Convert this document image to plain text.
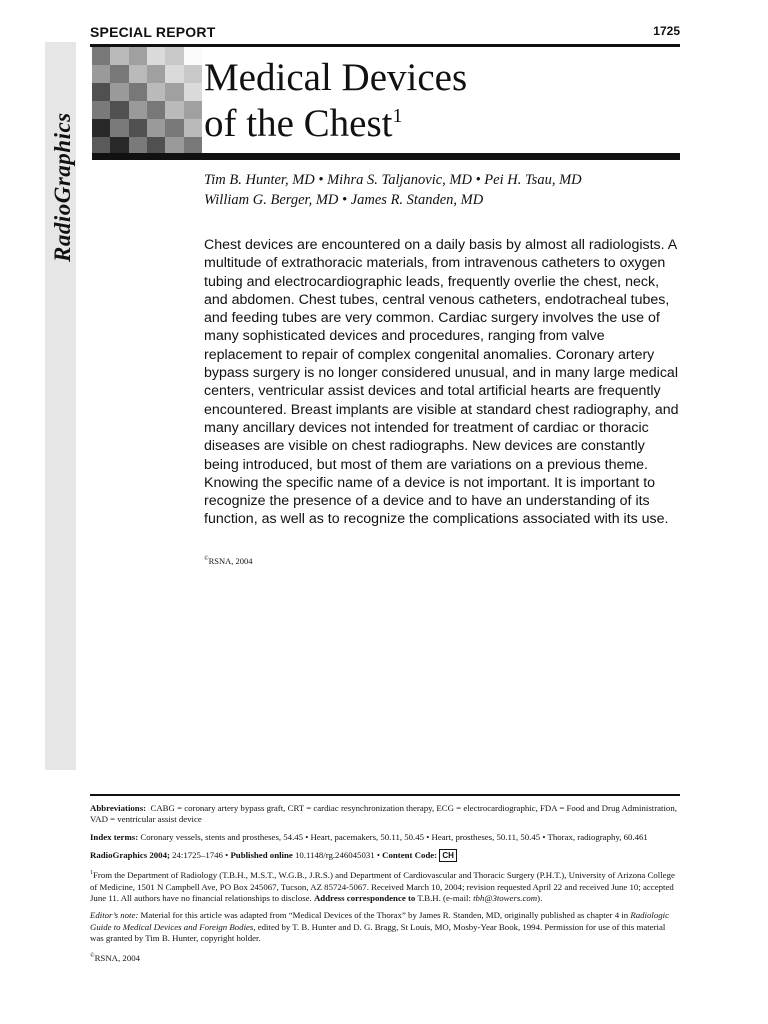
RadioGraphics
SPECIAL REPORT	1725
Medical Devices
of the Chest$^1$
Tim B. Hunter, MD • Mihra S. Taljanovic, MD • Pei H. Tsau, MD
William G. Berger, MD • James R. Standen, MD

Chest devices are encountered on a daily basis by almost all radiologists. A multitude of extrathoracic materials, from intravenous catheters to oxygen tubing and electrocardiographic leads, frequently overlie the chest, neck, and abdomen. Chest tubes, central venous catheters, endotracheal tubes, and feeding tubes are very common. Cardiac surgery involves the use of many sophisticated devices and procedures, ranging from valve replacement to repair of complex congenital anomalies. Coronary artery bypass surgery is no longer considered unusual, and in many large medical centers, ventricular assist devices and total artificial hearts are frequently encountered. Breast implants are visible at standard chest radiography, and many ancillary devices not intended for treatment of cardiac or thoracic diseases are visible on chest radiographs. New devices are constantly being introduced, but most of them are variations on a previous theme. Knowing the specific name of a device is not important. It is important to recognize the presence of a device and to have an understanding of its function, as well as to recognize the complications associated with its use.

©RSNA, 2004

Abbreviations: CABG = coronary artery bypass graft, CRT = cardiac resynchronization therapy, ECG = electrocardiographic, FDA = Food and Drug Administration, VAD = ventricular assist device

Index terms: Coronary vessels, stents and prostheses, 54.45 • Heart, pacemakers, 50.11, 50.45 • Heart, prostheses, 50.11, 50.45 • Thorax, radiography, 60.461

RadioGraphics 2004; 24:1725–1746 • Published online 10.1148/rg.246045031 • Content Code: CH

$^1$From the Department of Radiology (T.B.H., M.S.T., W.G.B., J.R.S.) and Department of Cardiovascular and Thoracic Surgery (P.H.T.), University of Arizona College of Medicine, 1501 N Campbell Ave, PO Box 245067, Tucson, AZ 85724-5067. Received March 10, 2004; revision requested April 22 and received June 10; accepted June 11. All authors have no financial relationships to disclose. Address correspondence to T.B.H. (e-mail: tbh@3towers.com).

Editor’s note: Material for this article was adapted from “Medical Devices of the Thorax” by James R. Standen, MD, originally published as chapter 4 in Radiologic Guide to Medical Devices and Foreign Bodies, edited by T. B. Hunter and D. G. Bragg, St Louis, MO, Mosby-Year Book, 1994. Permission for use of this material was granted by Tim B. Hunter, copyright holder.

©RSNA, 2004
